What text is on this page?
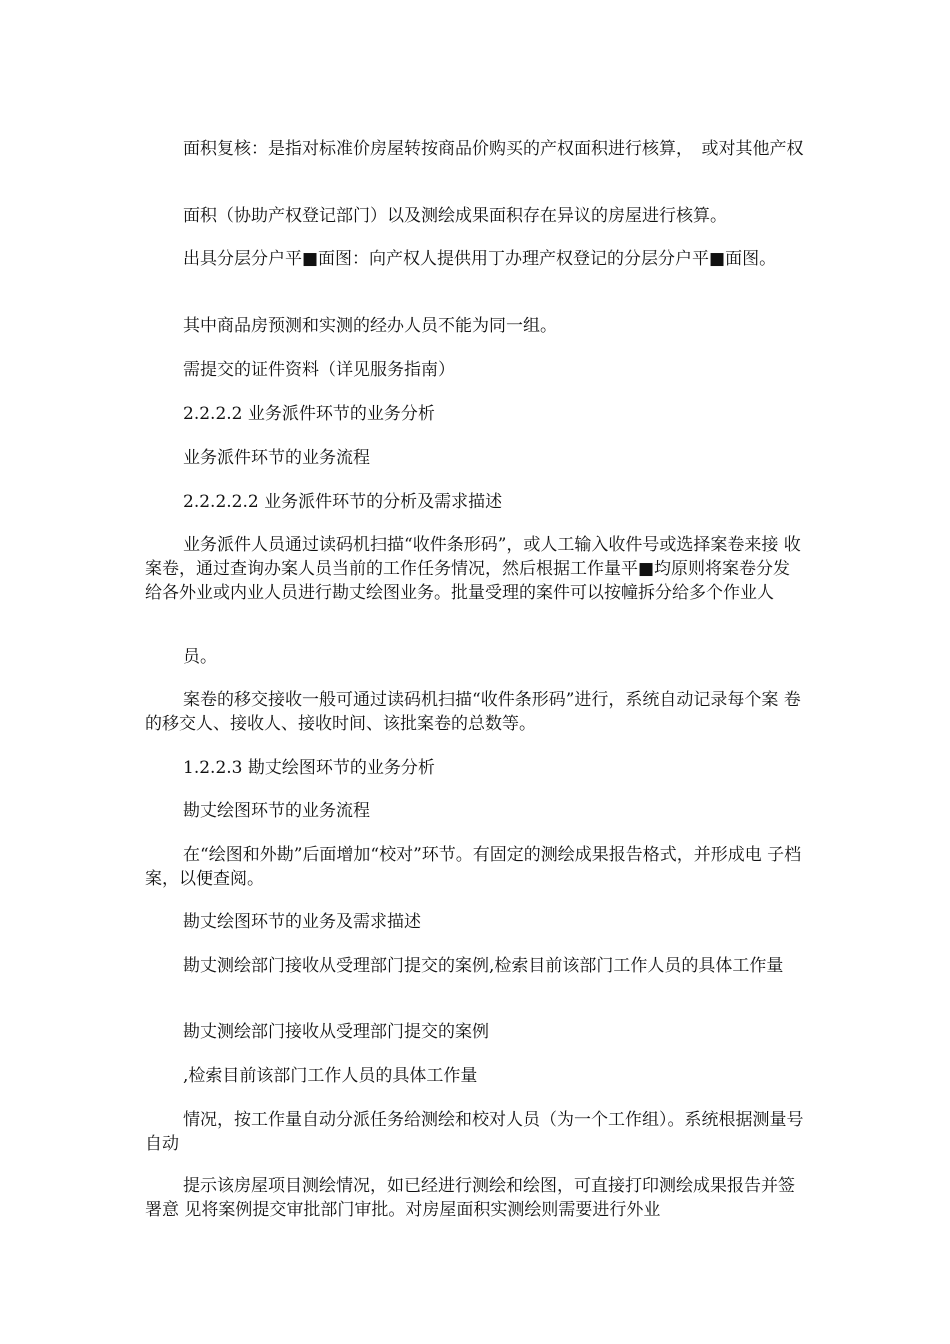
面积复核：是指对标准价房屋转按商品价购买的产权面积进行核算，　或对其他产权

面积（协助产权登记部门）以及测绘成果面积存在异议的房屋进行核算。

出具分层分户平■面图：向产权人提供用丁办理产权登记的分层分户平■面图。

其中商品房预测和实测的经办人员不能为同一组。

需提交的证件资料（详见服务指南）

2.2.2.2 业务派件环节的业务分析

业务派件环节的业务流程

2.2.2.2.2 业务派件环节的分析及需求描述

业务派件人员通过读码机扫描“收件条形码”，或人工输入收件号或选择案卷来接 收案卷，通过查询办案人员当前的工作任务情况，然后根据工作量平■均原则将案卷分发 给各外业或内业人员进行勘丈绘图业务。批量受理的案件可以按幢拆分给多个作业人

员。

案卷的移交接收一般可通过读码机扫描“收件条形码”进行，系统自动记录每个案 卷的移交人、接收人、接收时间、该批案卷的总数等。

1.2.2.3 勘丈绘图环节的业务分析

勘丈绘图环节的业务流程

在“绘图和外勘”后面增加“校对”环节。有固定的测绘成果报告格式，并形成电 子档案，以便查阅。

勘丈绘图环节的业务及需求描述

勘丈测绘部门接收从受理部门提交的案例,检索目前该部门工作人员的具体工作量

勘丈测绘部门接收从受理部门提交的案例

,检索目前该部门工作人员的具体工作量

情况，按工作量自动分派任务给测绘和校对人员（为一个工作组）。系统根据测量号自动

提示该房屋项目测绘情况，如已经进行测绘和绘图，可直接打印测绘成果报告并签署意 见将案例提交审批部门审批。对房屋面积实测绘则需要进行外业
